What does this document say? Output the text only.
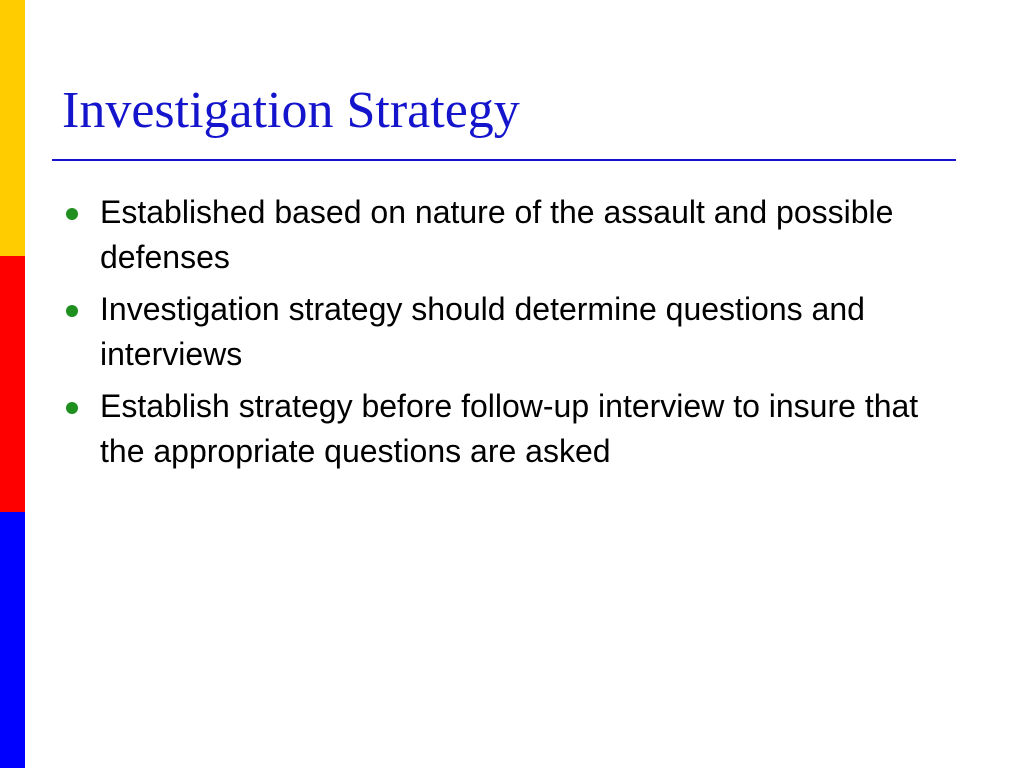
Investigation Strategy
Established based on nature of the assault and possible defenses
Investigation strategy should determine questions and interviews
Establish strategy before follow-up interview to insure that the appropriate questions are asked
